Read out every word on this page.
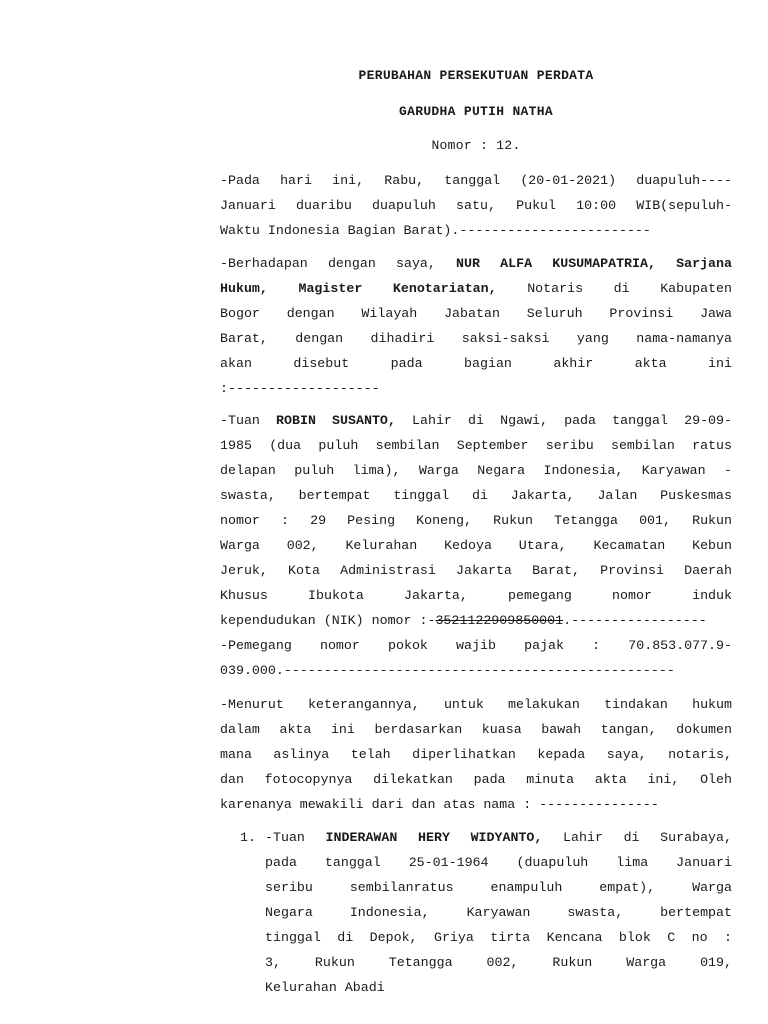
PERUBAHAN PERSEKUTUAN PERDATA
GARUDHA PUTIH NATHA
Nomor : 12.
-Pada hari ini, Rabu, tanggal (20-01-2021) duapuluh----
Januari duaribu duapuluh satu, Pukul 10:00 WIB(sepuluh-
Waktu Indonesia Bagian Barat).------------------------
-Berhadapan dengan saya, NUR ALFA KUSUMAPATRIA, Sarjana
Hukum, Magister Kenotariatan, Notaris di Kabupaten
Bogor dengan Wilayah Jabatan Seluruh Provinsi Jawa
Barat, dengan dihadiri saksi-saksi yang nama-namanya
akan disebut pada bagian akhir akta ini
:-------------------
-Tuan ROBIN SUSANTO, Lahir di Ngawi, pada tanggal 29-09-
1985 (dua puluh sembilan September seribu sembilan ratus
delapan puluh lima), Warga Negara Indonesia, Karyawan -
swasta, bertempat tinggal di Jakarta, Jalan Puskesmas
nomor : 29 Pesing Koneng, Rukun Tetangga 001, Rukun
Warga 002, Kelurahan Kedoya Utara, Kecamatan Kebun
Jeruk, Kota Administrasi Jakarta Barat, Provinsi Daerah
Khusus Ibukota Jakarta, pemegang nomor induk
kependudukan (NIK) nomor :-3521122909850001.-----------------
-Pemegang nomor pokok wajib pajak : 70.853.077.9-
039.000.-------------------------------------------------
-Menurut keterangannya, untuk melakukan tindakan hukum
dalam akta ini berdasarkan kuasa bawah tangan, dokumen
mana aslinya telah diperlihatkan kepada saya, notaris,
dan fotocopynya dilekatkan pada minuta akta ini, Oleh
karenanya mewakili dari dan atas nama : ---------------
1. -Tuan INDERAWAN HERY WIDYANTO, Lahir di Surabaya,
pada tanggal 25-01-1964 (duapuluh lima Januari
seribu sembilanratus enampuluh empat), Warga
Negara Indonesia, Karyawan swasta, bertempat
tinggal di Depok, Griya tirta Kencana blok C no :
3, Rukun Tetangga 002, Rukun Warga 019,
Kelurahan Abadi
